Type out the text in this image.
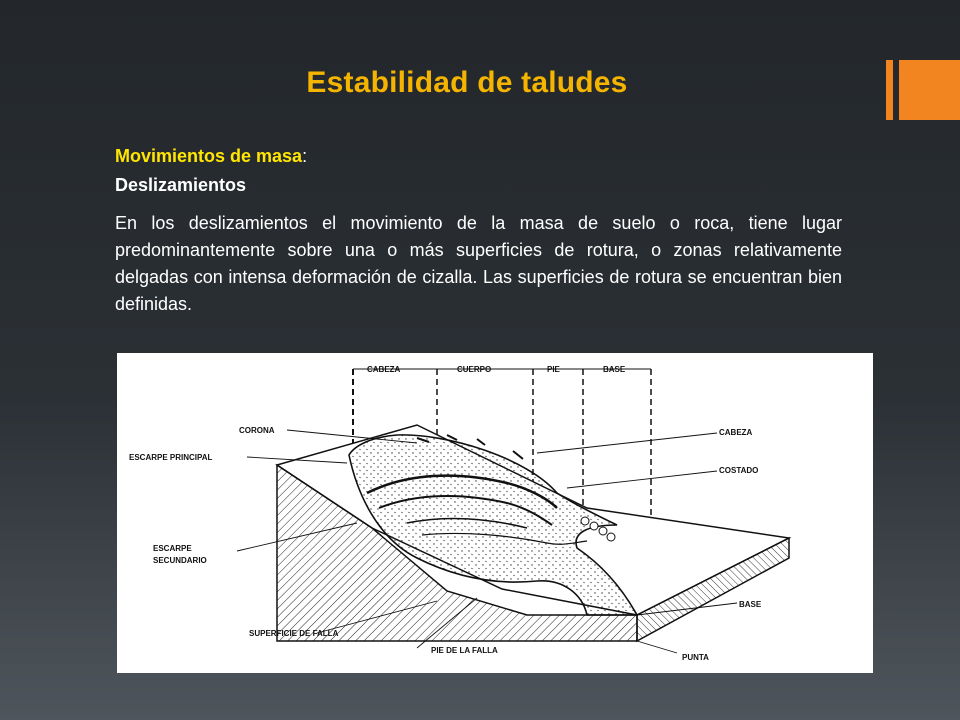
Estabilidad de taludes
Movimientos de masa:
Deslizamientos
En los deslizamientos el movimiento de la masa de suelo o roca, tiene lugar predominantemente sobre una o más superficies de rotura, o zonas relativamente delgadas con intensa deformación de cizalla. Las superficies de rotura se encuentran bien definidas.
CABEZA	CUERPO	PIE	BASE
CORONA
ESCARPE PRINCIPAL
ESCARPE
SECUNDARIO
SUPERFICIE DE FALLA
PIE DE LA FALLA
CABEZA
COSTADO
BASE
PUNTA
